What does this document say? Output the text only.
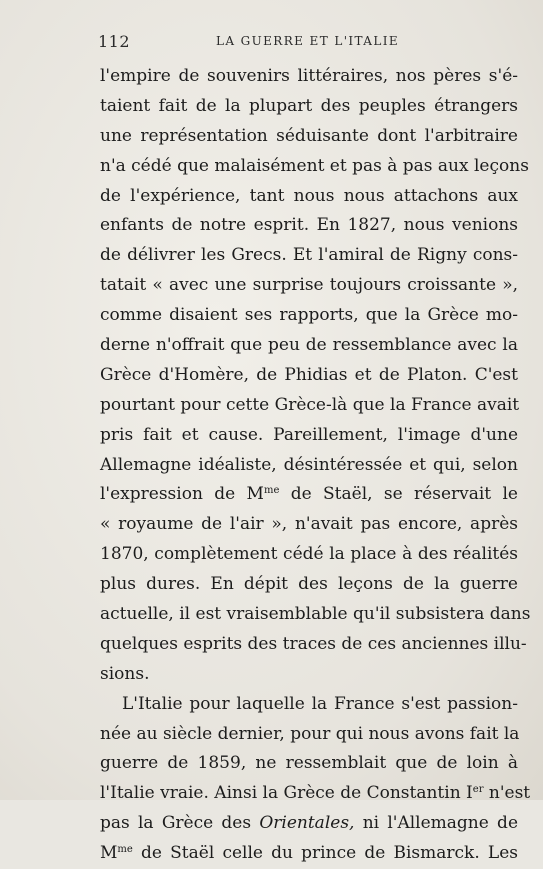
112	LA GUERRE ET L'ITALIE
l'empire de souvenirs littéraires, nos pères s'é-
taient fait de la plupart des peuples étrangers
une représentation séduisante dont l'arbitraire
n'a cédé que malaisément et pas à pas aux leçons
de l'expérience, tant nous nous attachons aux
enfants de notre esprit. En 1827, nous venions
de délivrer les Grecs. Et l'amiral de Rigny cons-
tatait « avec une surprise toujours croissante »,
comme disaient ses rapports, que la Grèce mo-
derne n'offrait que peu de ressemblance avec la
Grèce d'Homère, de Phidias et de Platon. C'est
pourtant pour cette Grèce-là que la France avait
pris fait et cause. Pareillement, l'image d'une
Allemagne idéaliste, désintéressée et qui, selon
l'expression de $M^{me}$ de Staël, se réservait le
« royaume de l'air », n'avait pas encore, après
1870, complètement cédé la place à des réalités
plus dures. En dépit des leçons de la guerre
actuelle, il est vraisemblable qu'il subsistera dans
quelques esprits des traces de ces anciennes illu-
sions.
L'Italie pour laquelle la France s'est passion-
née au siècle dernier, pour qui nous avons fait la
guerre de 1859, ne ressemblait que de loin à
l'Italie vraie. Ainsi la Grèce de Constantin Ier n'est
pas la Grèce des Orientales, ni l'Allemagne de
$M^{me}$ de Staël celle du prince de Bismarck. Les
